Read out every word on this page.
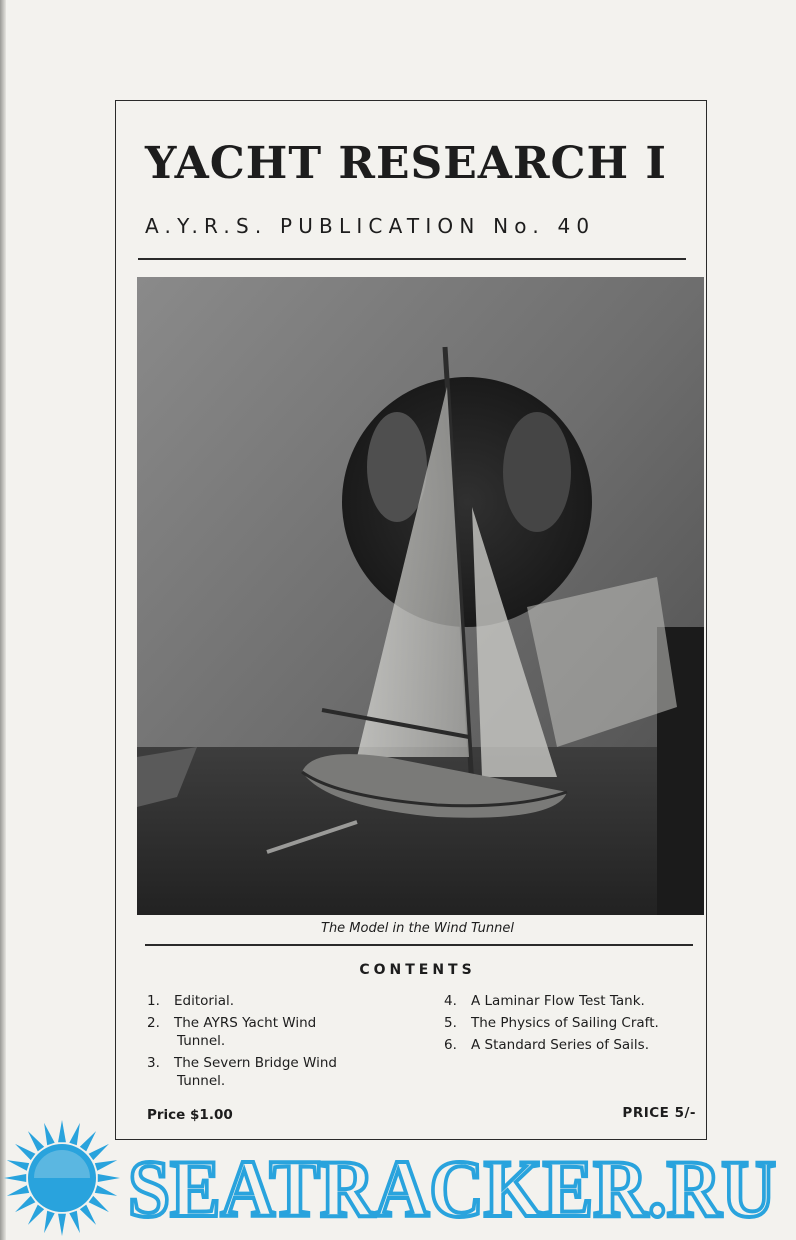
YACHT RESEARCH I
A.Y.R.S. PUBLICATION No. 40
The Model in the Wind Tunnel
CONTENTS
1.	Editorial.
2.	The AYRS Yacht Wind
Tunnel.
3.	The Severn Bridge Wind
Tunnel.
4.	A Laminar Flow Test Tank.
5.	The Physics of Sailing Craft.
6.	A Standard Series of Sails.
Price $1.00	PRICE 5/-
SEATRACKER.RU
